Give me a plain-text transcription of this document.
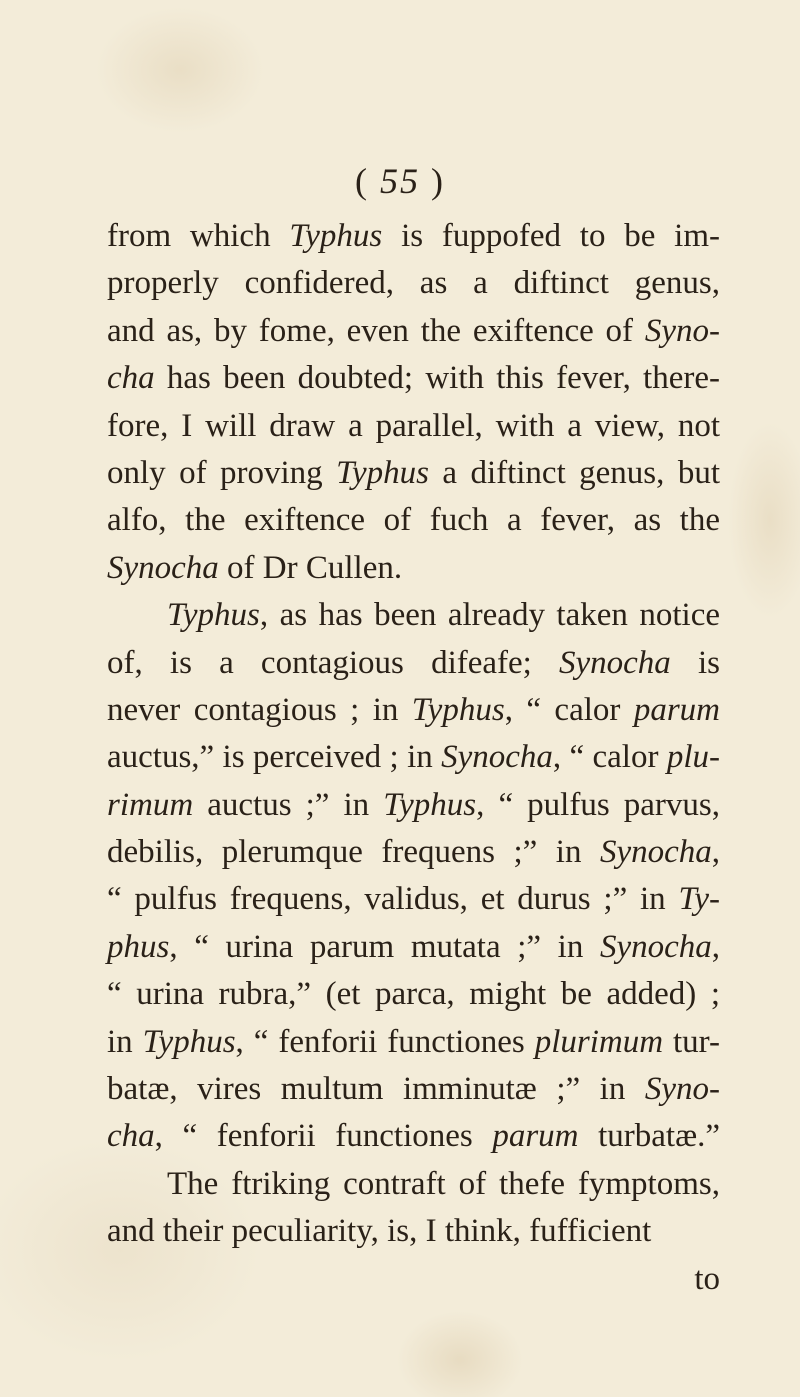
( 55 )
from which Typhus is fuppofed to be im-
properly confidered, as a diftinct genus,
and as, by fome, even the exiftence of Syno-
cha has been doubted; with this fever, there-
fore, I will draw a parallel, with a view, not
only of proving Typhus a diftinct genus, but
alfo, the exiftence of fuch a fever, as the
Synocha of Dr Cullen.
Typhus, as has been already taken notice
of, is a contagious difeafe; Synocha is
never contagious ; in Typhus, “ calor parum
auctus,” is perceived ; in Synocha, “ calor plu-
rimum auctus ;” in Typhus, “ pulfus parvus,
debilis, plerumque frequens ;” in Synocha,
“ pulfus frequens, validus, et durus ;” in Ty-
phus, “ urina parum mutata ;” in Synocha,
“ urina rubra,” (et parca, might be added) ;
in Typhus, “ fenforii functiones plurimum tur-
batæ, vires multum imminutæ ;” in Syno-
cha, “ fenforii functiones parum turbatæ.”
The ftriking contraft of thefe fymptoms,
and their peculiarity, is, I think, fufficient
to
